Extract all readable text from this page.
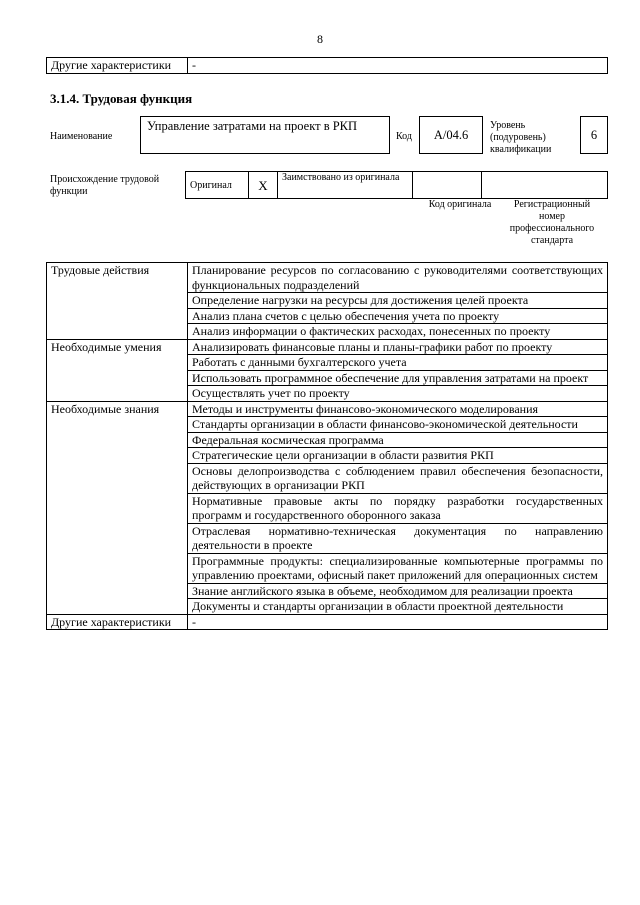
8
Другие характеристики	-
3.1.4. Трудовая функция
Наименование
Управление затратами на проект в РКП
Код	А/04.6
Уровень (подуровень) квалификации
6
Происхождение трудовой функции
Оригинал	X	Заимствовано из оригинала		
Код оригинала	Регистрационный номер профессионального стандарта
Трудовые действия	Планирование ресурсов по согласованию с руководителями соответствующих функциональных подразделений
	Определение нагрузки на ресурсы для достижения целей проекта
	Анализ плана счетов с целью обеспечения учета по проекту
	Анализ информации о фактических расходах, понесенных по проекту
Необходимые умения	Анализировать финансовые планы и планы-графики работ по проекту
	Работать с данными бухгалтерского учета
	Использовать программное обеспечение для управления затратами на проект
	Осуществлять учет по проекту
Необходимые знания	Методы и инструменты финансово-экономического моделирования
	Стандарты организации в области финансово-экономической деятельности
	Федеральная космическая программа
	Стратегические цели организации в области развития РКП
	Основы делопроизводства с соблюдением правил обеспечения безопасности, действующих в организации РКП
	Нормативные правовые акты по порядку разработки государственных программ и государственного оборонного заказа
	Отраслевая нормативно-техническая документация по направлению деятельности в проекте
	Программные продукты: специализированные компьютерные программы по управлению проектами, офисный пакет приложений для операционных систем
	Знание английского языка в объеме, необходимом для реализации проекта
	Документы и стандарты организации в области проектной деятельности
Другие характеристики	-
